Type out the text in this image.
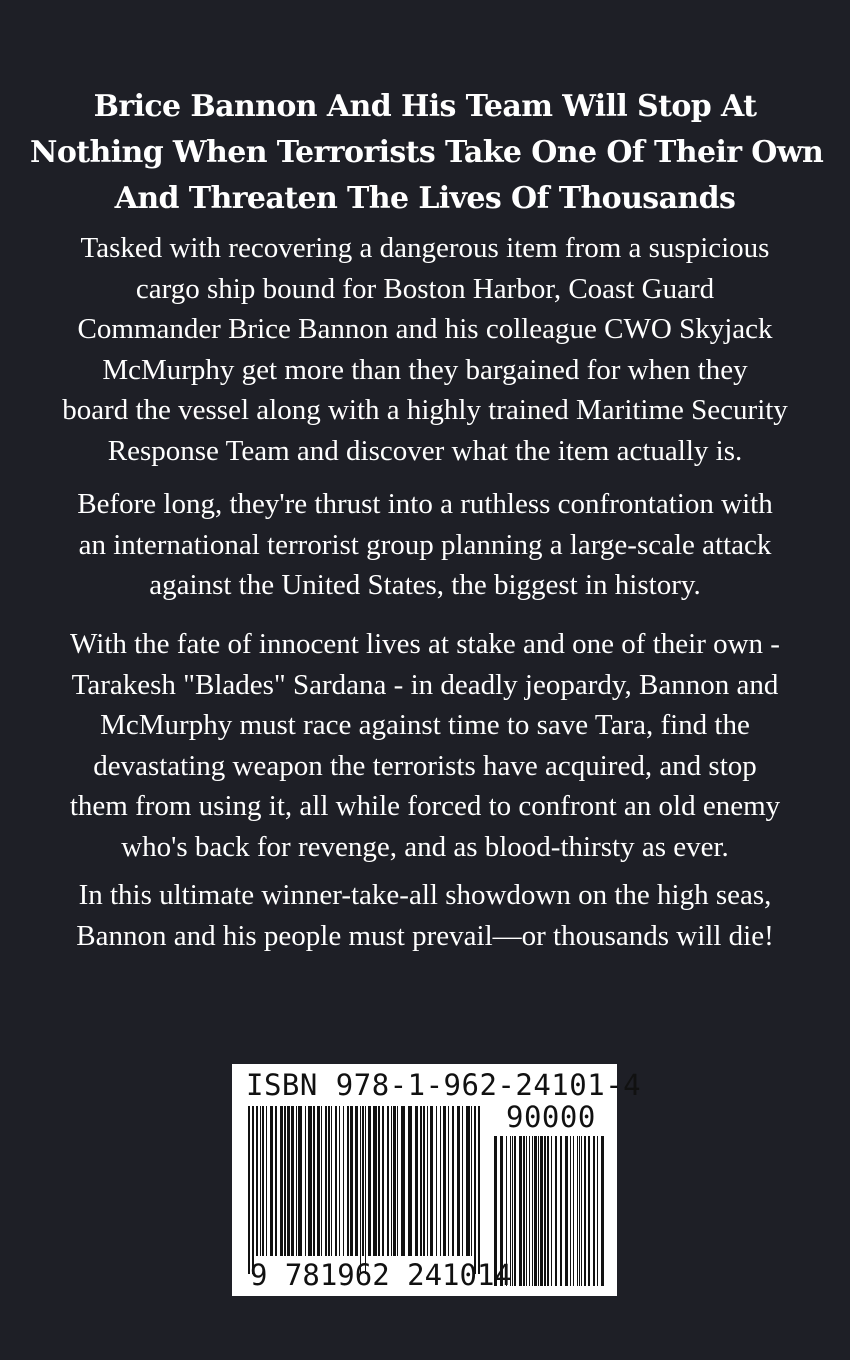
Brice Bannon And His Team Will Stop At
Nothing When Terrorists Take One Of Their Own
And Threaten The Lives Of Thousands

Tasked with recovering a dangerous item from a suspicious
cargo ship bound for Boston Harbor, Coast Guard
Commander Brice Bannon and his colleague CWO Skyjack
McMurphy get more than they bargained for when they
board the vessel along with a highly trained Maritime Security
Response Team and discover what the item actually is.

Before long, they're thrust into a ruthless confrontation with
an international terrorist group planning a large-scale attack
against the United States, the biggest in history.

With the fate of innocent lives at stake and one of their own -
Tarakesh "Blades" Sardana - in deadly jeopardy, Bannon and
McMurphy must race against time to save Tara, find the
devastating weapon the terrorists have acquired, and stop
them from using it, all while forced to confront an old enemy
who's back for revenge, and as blood-thirsty as ever.

In this ultimate winner-take-all showdown on the high seas,
Bannon and his people must prevail—or thousands will die!

ISBN 978-1-962-24101-4

90000

9 781962 241014
